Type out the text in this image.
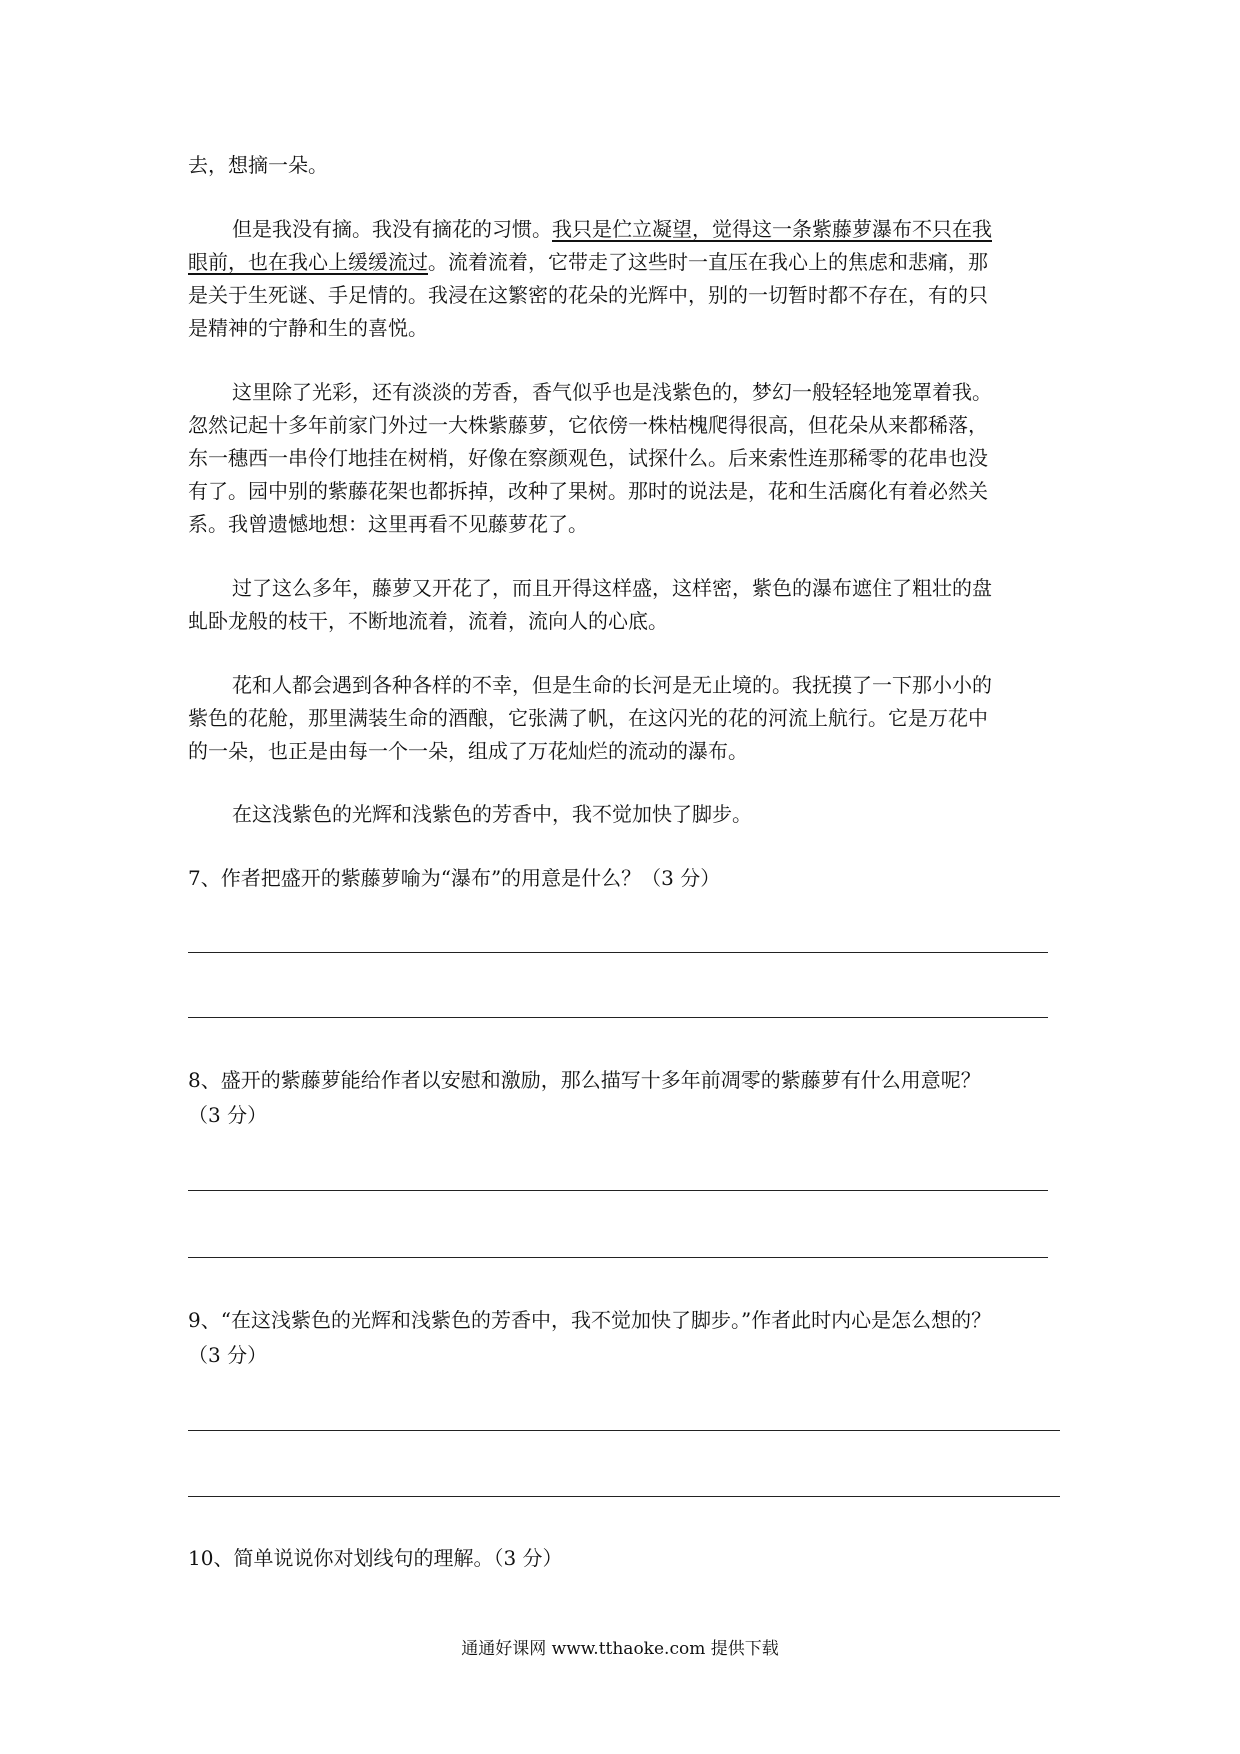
去，想摘一朵。
但是我没有摘。我没有摘花的习惯。我只是伫立凝望，觉得这一条紫藤萝瀑布不只在我
眼前，也在我心上缓缓流过。流着流着，它带走了这些时一直压在我心上的焦虑和悲痛，那
是关于生死谜、手足情的。我浸在这繁密的花朵的光辉中，别的一切暂时都不存在，有的只
是精神的宁静和生的喜悦。
这里除了光彩，还有淡淡的芳香，香气似乎也是浅紫色的，梦幻一般轻轻地笼罩着我。
忽然记起十多年前家门外过一大株紫藤萝，它依傍一株枯槐爬得很高，但花朵从来都稀落，
东一穗西一串伶仃地挂在树梢，好像在察颜观色，试探什么。后来索性连那稀零的花串也没
有了。园中别的紫藤花架也都拆掉，改种了果树。那时的说法是，花和生活腐化有着必然关
系。我曾遗憾地想：这里再看不见藤萝花了。
过了这么多年，藤萝又开花了，而且开得这样盛，这样密，紫色的瀑布遮住了粗壮的盘
虬卧龙般的枝干，不断地流着，流着，流向人的心底。
花和人都会遇到各种各样的不幸，但是生命的长河是无止境的。我抚摸了一下那小小的
紫色的花舱，那里满装生命的酒酿，它张满了帆，在这闪光的花的河流上航行。它是万花中
的一朵，也正是由每一个一朵，组成了万花灿烂的流动的瀑布。
在这浅紫色的光辉和浅紫色的芳香中，我不觉加快了脚步。
7、作者把盛开的紫藤萝喻为“瀑布”的用意是什么？（3 分）
8、盛开的紫藤萝能给作者以安慰和激励，那么描写十多年前凋零的紫藤萝有什么用意呢？
（3 分）
9、“在这浅紫色的光辉和浅紫色的芳香中，我不觉加快了脚步。”作者此时内心是怎么想的？
（3 分）
10、简单说说你对划线句的理解。（3 分）
通通好课网 www.tthaoke.com 提供下载
